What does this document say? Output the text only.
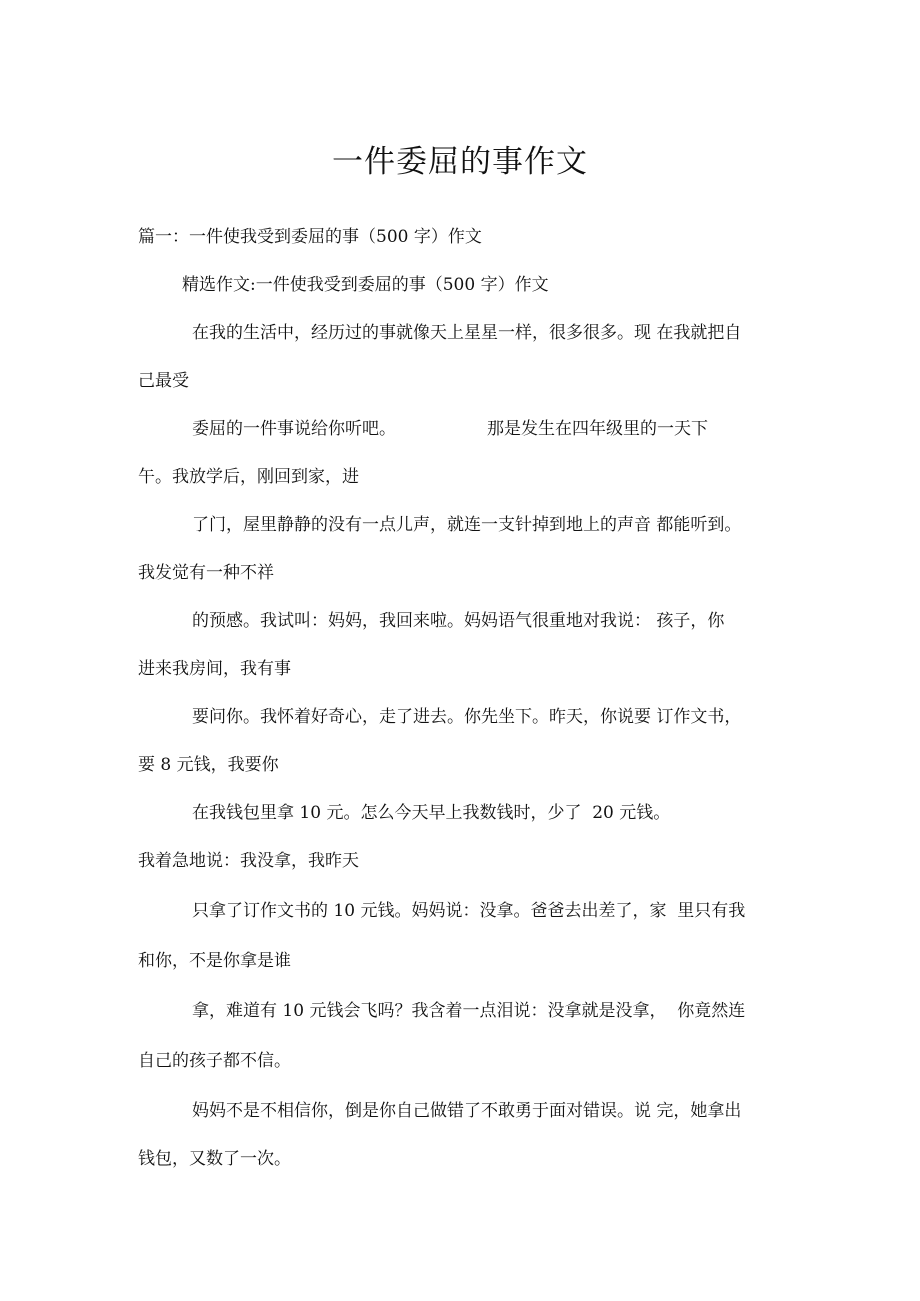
一件委屈的事作文
篇一：一件使我受到委屈的事（500 字）作文
精选作文:一件使我受到委屈的事（500 字）作文
在我的生活中，经历过的事就像天上星星一样，很多很多。现 在我就把自
己最受
委屈的一件事说给你听吧。	那是发生在四年级里的一天下
午。我放学后，刚回到家，进
了门，屋里静静的没有一点儿声，就连一支针掉到地上的声音 都能听到。
我发觉有一种不祥
的预感。我试叫：妈妈，我回来啦。妈妈语气很重地对我说： 孩子，你
进来我房间，我有事
要问你。我怀着好奇心，走了进去。你先坐下。昨天，你说要 订作文书，
要 8 元钱，我要你
在我钱包里拿 10 元。怎么今天早上我数钱时，少了  20 元钱。
我着急地说：我没拿，我昨天
只拿了订作文书的 10 元钱。妈妈说：没拿。爸爸去出差了，家  里只有我
和你，不是你拿是谁
拿，难道有 10 元钱会飞吗？我含着一点泪说：没拿就是没拿，  你竟然连
自己的孩子都不信。
妈妈不是不相信你，倒是你自己做错了不敢勇于面对错误。说 完，她拿出
钱包，又数了一次。
